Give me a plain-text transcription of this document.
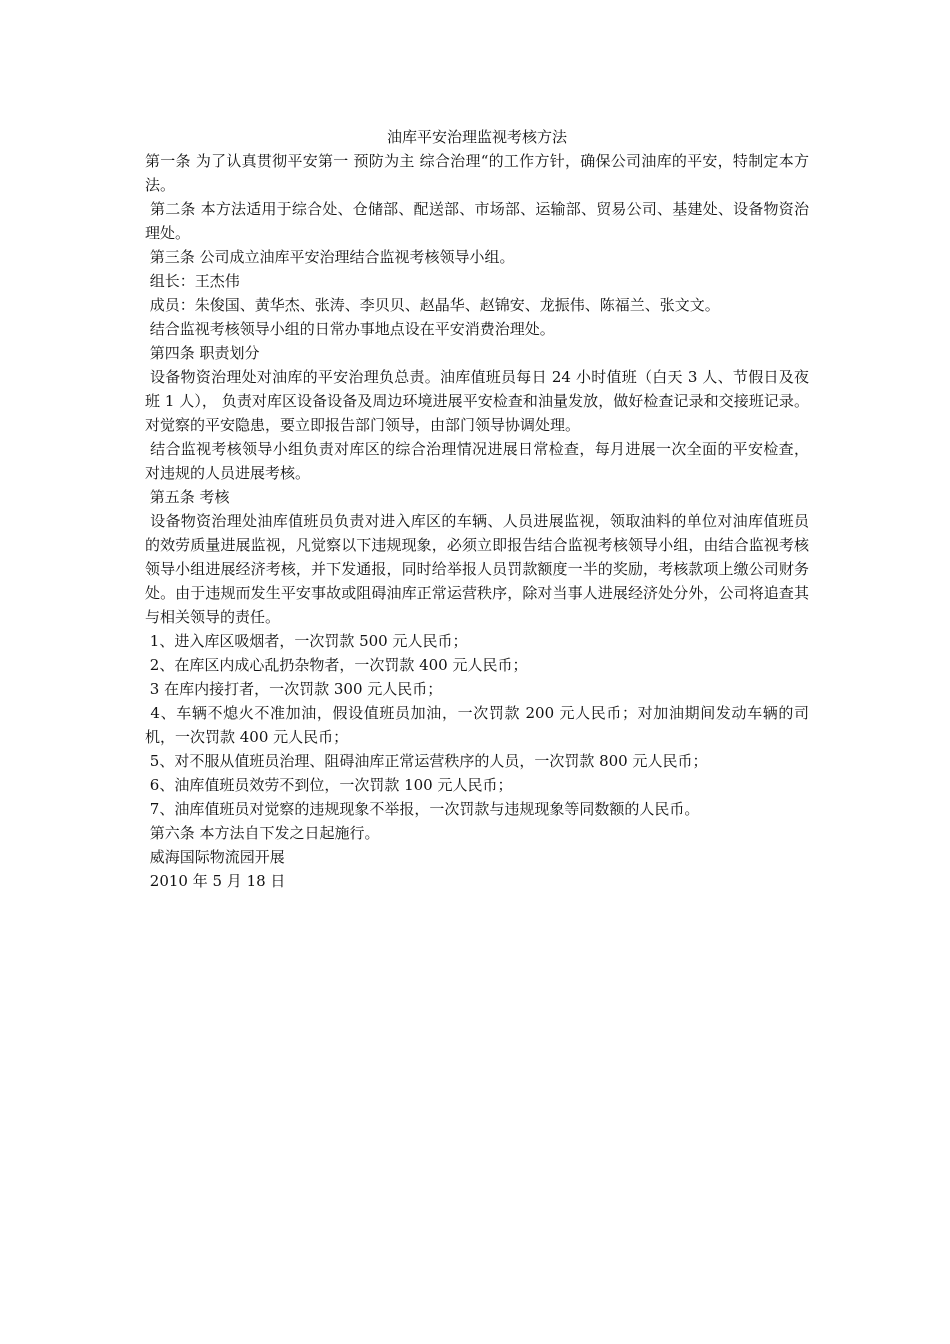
油库平安治理监视考核方法

第一条 为了认真贯彻平安第一 预防为主 综合治理“的工作方针，确保公司油库的平安，特制定本方法。

第二条 本方法适用于综合处、仓储部、配送部、市场部、运输部、贸易公司、基建处、设备物资治理处。

第三条 公司成立油库平安治理结合监视考核领导小组。

组长：王杰伟

成员：朱俊国、黄华杰、张涛、李贝贝、赵晶华、赵锦安、龙振伟、陈福兰、张文文。

结合监视考核领导小组的日常办事地点设在平安消费治理处。

第四条 职责划分

设备物资治理处对油库的平安治理负总责。油库值班员每日 24 小时值班（白天 3 人、节假日及夜班 1 人）， 负责对库区设备设备及周边环境进展平安检查和油量发放，做好检查记录和交接班记录。对觉察的平安隐患，要立即报告部门领导，由部门领导协调处理。

结合监视考核领导小组负责对库区的综合治理情况进展日常检查，每月进展一次全面的平安检查，对违规的人员进展考核。

第五条 考核

设备物资治理处油库值班员负责对进入库区的车辆、人员进展监视，领取油料的单位对油库值班员的效劳质量进展监视，凡觉察以下违规现象，必须立即报告结合监视考核领导小组，由结合监视考核领导小组进展经济考核，并下发通报，同时给举报人员罚款额度一半的奖励，考核款项上缴公司财务处。由于违规而发生平安事故或阻碍油库正常运营秩序，除对当事人进展经济处分外，公司将追查其与相关领导的责任。

1、进入库区吸烟者，一次罚款 500 元人民币；

2、在库区内成心乱扔杂物者，一次罚款 400 元人民币；

3 在库内接打者，一次罚款 300 元人民币；

4、车辆不熄火不准加油，假设值班员加油，一次罚款 200 元人民币；对加油期间发动车辆的司机，一次罚款 400 元人民币；

5、对不服从值班员治理、阻碍油库正常运营秩序的人员，一次罚款 800 元人民币；

6、油库值班员效劳不到位，一次罚款 100 元人民币；

7、油库值班员对觉察的违规现象不举报，一次罚款与违规现象等同数额的人民币。

第六条 本方法自下发之日起施行。

威海国际物流园开展

2010 年 5 月 18 日
